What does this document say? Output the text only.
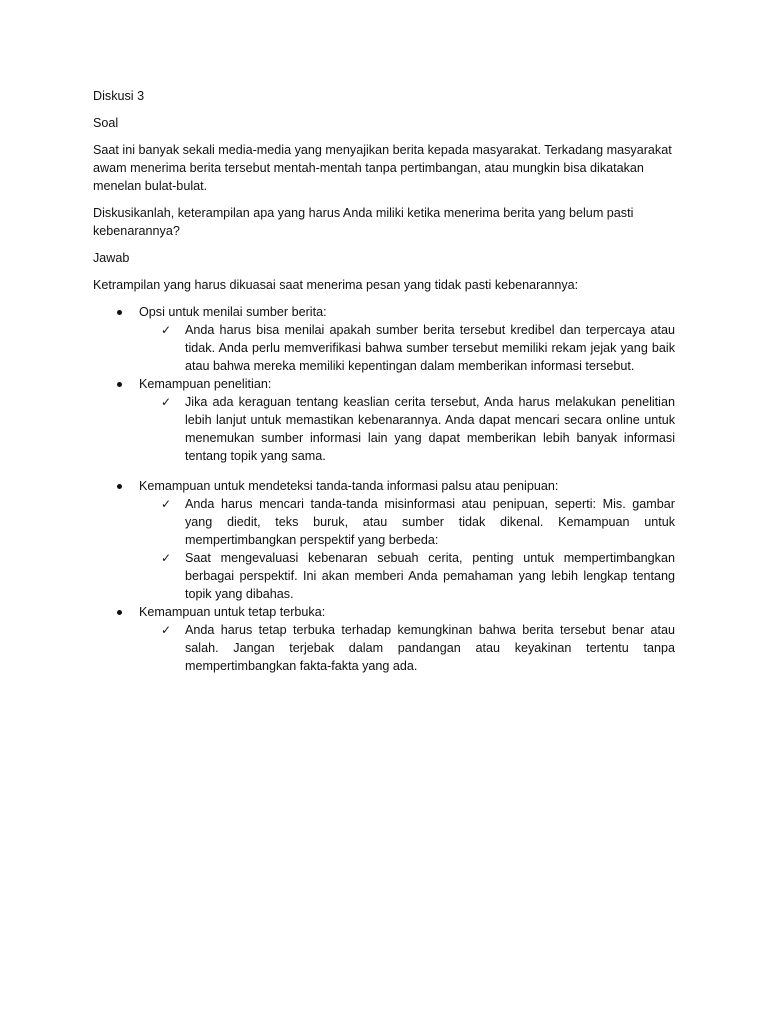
Diskusi 3

Soal

Saat ini banyak sekali media-media yang menyajikan berita kepada masyarakat. Terkadang masyarakat awam menerima berita tersebut mentah-mentah tanpa pertimbangan, atau mungkin bisa dikatakan menelan bulat-bulat.

Diskusikanlah, keterampilan apa yang harus Anda miliki ketika menerima berita yang belum pasti kebenarannya?

Jawab

Ketrampilan yang harus dikuasai saat menerima pesan yang tidak pasti kebenarannya:

Opsi untuk menilai sumber berita:
✓	Anda harus bisa menilai apakah sumber berita tersebut kredibel dan terpercaya atau tidak. Anda perlu memverifikasi bahwa sumber tersebut memiliki rekam jejak yang baik atau bahwa mereka memiliki kepentingan dalam memberikan informasi tersebut.
Kemampuan penelitian:
✓	Jika ada keraguan tentang keaslian cerita tersebut, Anda harus melakukan penelitian lebih lanjut untuk memastikan kebenarannya. Anda dapat mencari secara online untuk menemukan sumber informasi lain yang dapat memberikan lebih banyak informasi tentang topik yang sama.
Kemampuan untuk mendeteksi tanda-tanda informasi palsu atau penipuan:
✓	Anda harus mencari tanda-tanda misinformasi atau penipuan, seperti: Mis. gambar yang diedit, teks buruk, atau sumber tidak dikenal. Kemampuan untuk mempertimbangkan perspektif yang berbeda:
✓	Saat mengevaluasi kebenaran sebuah cerita, penting untuk mempertimbangkan berbagai perspektif. Ini akan memberi Anda pemahaman yang lebih lengkap tentang topik yang dibahas.
Kemampuan untuk tetap terbuka:
✓	Anda harus tetap terbuka terhadap kemungkinan bahwa berita tersebut benar atau salah. Jangan terjebak dalam pandangan atau keyakinan tertentu tanpa mempertimbangkan fakta-fakta yang ada.
